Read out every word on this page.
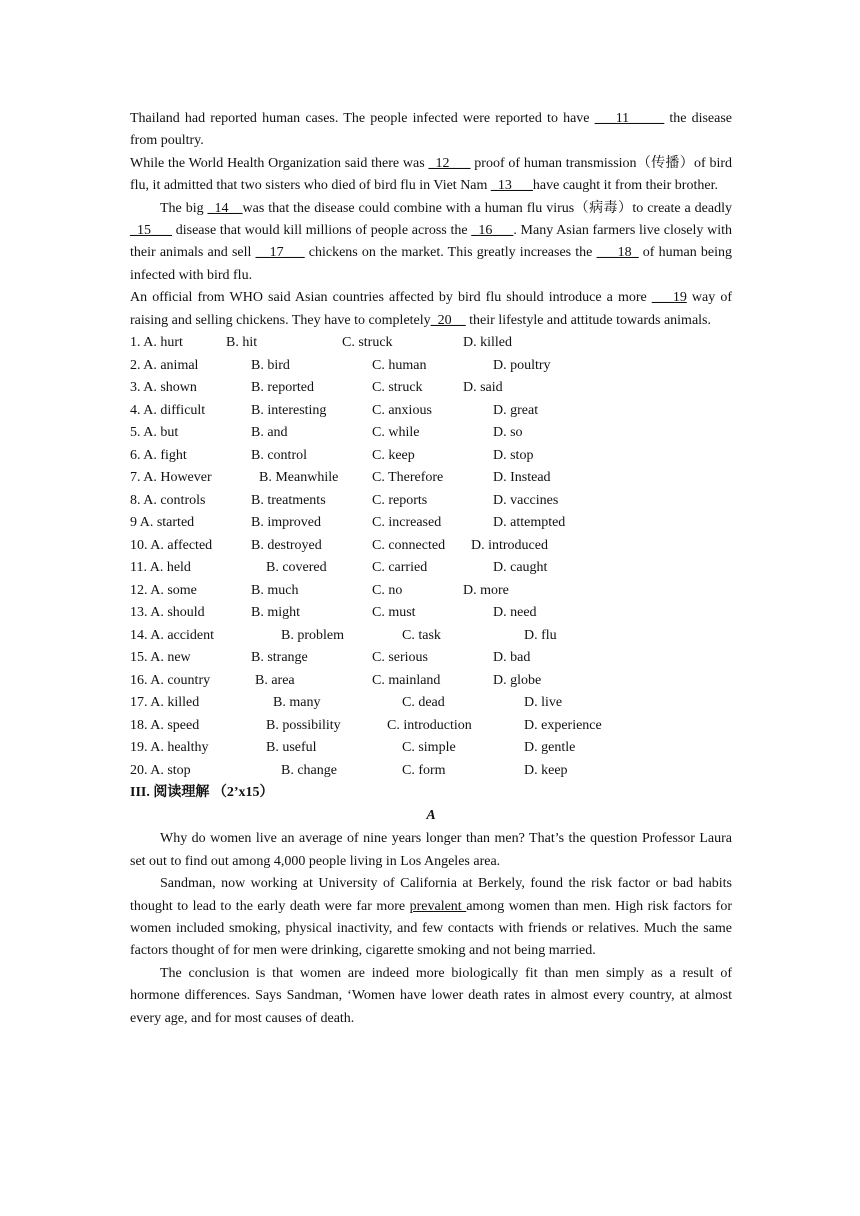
Thailand had reported human cases. The people infected were reported to have ___11_____ the disease from poultry.

While the World Health Organization said there was _12___ proof of human transmission（传播）of bird flu, it admitted that two sisters who died of bird flu in Viet Nam _13___have caught it from their brother.

The big _14__was that the disease could combine with a human flu virus（病毒）to create a deadly _15___ disease that would kill millions of people across the _16___. Many Asian farmers live closely with their animals and sell __17___ chickens on the market. This greatly increases the ___18_ of human being infected with bird flu.

An official from WHO said Asian countries affected by bird flu should introduce a more ___19 way of raising and selling chickens. They have to completely_20__ their lifestyle and attitude towards animals.

1. A. hurt	B. hit	C. struck	D. killed
2. A. animal	B. bird	C. human	D. poultry
3. A. shown	B. reported	C. struck	D. said
4. A. difficult	B. interesting	C. anxious	D. great
5. A. but	B. and	C. while	D. so
6. A. fight	B. control	C. keep	D. stop
7. A. However	B. Meanwhile	C. Therefore	D. Instead
8. A. controls	B. treatments	C. reports	D. vaccines
9 A. started	B. improved	C. increased	D. attempted
10. A. affected	B. destroyed	C. connected	D. introduced
11. A. held	B. covered	C. carried	D. caught
12. A. some	B. much	C. no	D. more
13. A. should	B. might	C. must	D. need
14. A. accident	B. problem	C. task	D. flu
15. A. new	B. strange	C. serious	D. bad
16. A. country	B. area	C. mainland	D. globe
17. A. killed	B. many	C. dead	D. live
18. A. speed	B. possibility	C. introduction	D. experience
19. A. healthy	B. useful	C. simple	D. gentle
20. A. stop	B. change	C. form	D. keep
III. 阅读理解 （2’x15）
A

Why do women live an average of nine years longer than men? That’s the question Professor Laura set out to find out among 4,000 people living in Los Angeles area.

Sandman, now working at University of California at Berkely, found the risk factor or bad habits thought to lead to the early death were far more prevalent among women than men. High risk factors for women included smoking, physical inactivity, and few contacts with friends or relatives. Much the same factors thought of for men were drinking, cigarette smoking and not being married.

The conclusion is that women are indeed more biologically fit than men simply as a result of hormone differences. Says Sandman, ‘Women have lower death rates in almost every country, at almost every age, and for most causes of death.
